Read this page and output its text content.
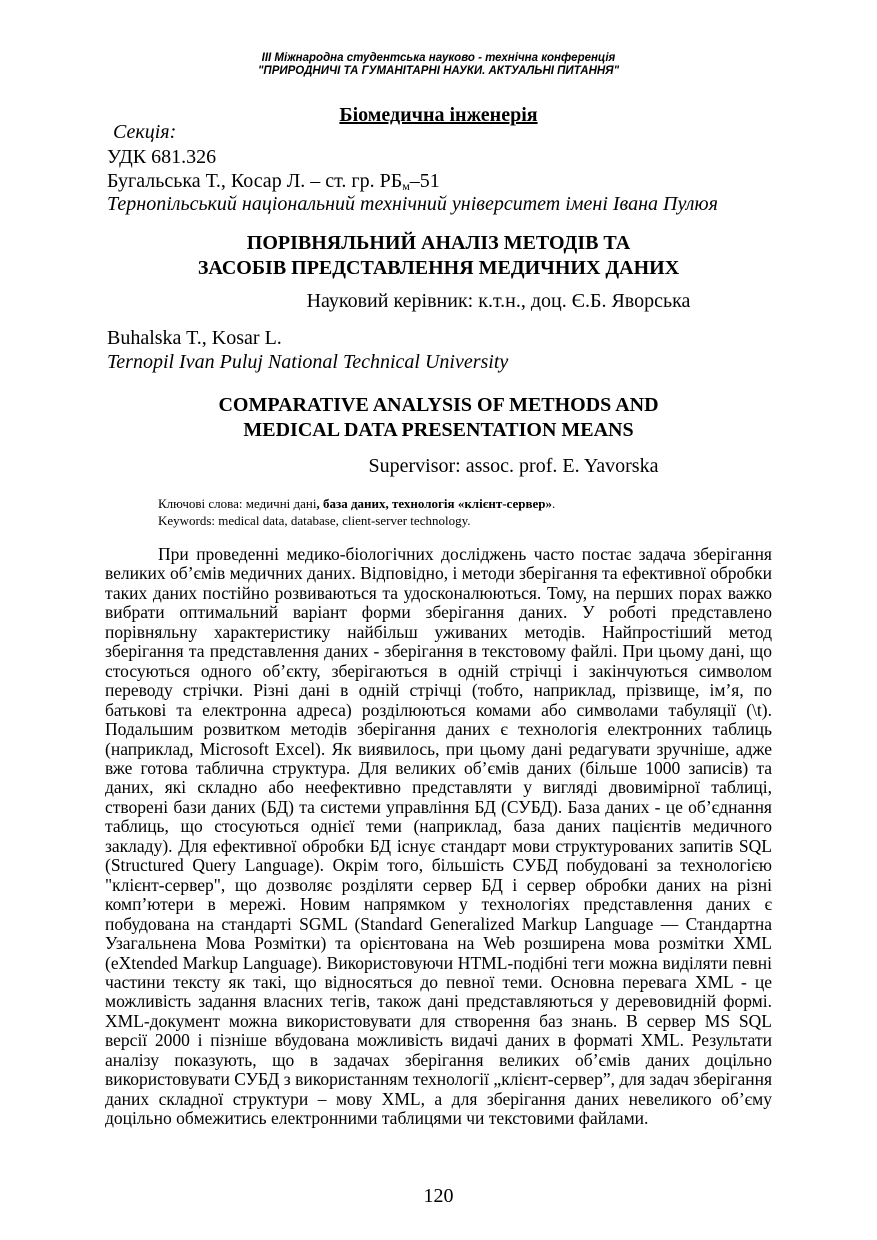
ІІІ Міжнародна студентська науково - технічна конференція
"ПРИРОДНИЧІ ТА ГУМАНІТАРНІ НАУКИ. АКТУАЛЬНІ ПИТАННЯ"
Біомедична інженерія
Секція:
УДК 681.326
Бугальська Т., Косар Л. – ст. гр. $РБ_м-51$
Тернопільський національний технічний університет імені Івана Пулюя
ПОРІВНЯЛЬНИЙ АНАЛІЗ МЕТОДІВ ТА
ЗАСОБІВ ПРЕДСТАВЛЕННЯ МЕДИЧНИХ ДАНИХ
Науковий керівник: к.т.н., доц. Є.Б. Яворська
Buhalska T., Kosar L.
Ternopil Ivan Puluj National Technical University
COMPARATIVE ANALYSIS OF METHODS AND
MEDICAL DATA PRESENTATION MEANS
Supervisor: assoc. prof. E. Yavorska
Ключові слова: медичні дані, база даних, технологія «клієнт-сервер».
Keywords: medical data, database, client-server technology.

При проведенні медико-біологічних досліджень часто постає задача зберігання великих об’ємів медичних даних. Відповідно, і методи зберігання та ефективної обробки таких даних постійно розвиваються та удосконалюються. Тому, на перших порах важко вибрати оптимальний варіант форми зберігання даних. У роботі представлено порівняльну характеристику найбільш уживаних методів. Найпростіший метод зберігання та представлення даних - зберігання в текстовому файлі. При цьому дані, що стосуються одного об’єкту, зберігаються в одній стрічці і закінчуються символом переводу стрічки. Різні дані в одній стрічці (тобто, наприклад, прізвище, ім’я, по батькові та електронна адреса) розділюються комами або символами табуляції (\t). Подальшим розвитком методів зберігання даних є технологія електронних таблиць (наприклад, Microsoft Excel). Як виявилось, при цьому дані редагувати зручніше, адже вже готова таблична структура. Для великих об’ємів даних (більше 1000 записів) та даних, які складно або неефективно представляти у вигляді двовимірної таблиці, створені бази даних (БД) та системи управління БД (СУБД). База даних - це об’єднання таблиць, що стосуються однієї теми (наприклад, база даних пацієнтів медичного закладу). Для ефективної обробки БД існує стандарт мови структурованих запитів SQL (Structured Query Language). Окрім того, більшість СУБД побудовані за технологією "клієнт-сервер", що дозволяє розділяти сервер БД і сервер обробки даних на різні комп’ютери в мережі. Новим напрямком у технологіях представлення даних є побудована на стандарті SGML (Standard Generalized Markup Language — Стандартна Узагальнена Мова Розмітки) та орієнтована на Web розширена мова розмітки XML (eXtended Markup Language). Використовуючи HTML-подібні теги можна виділяти певні частини тексту як такі, що відносяться до певної теми. Основна перевага XML - це можливість задання власних тегів, також дані представляються у деревовидній формі. XML-документ можна використовувати для створення баз знань. В сервер MS SQL версії 2000 і пізніше вбудована можливість видачі даних в форматі XML. Результати аналізу показують, що в задачах зберігання великих об’ємів даних доцільно використовувати СУБД з використанням технології „клієнт-сервер”, для задач зберігання даних складної структури – мову XML, а для зберігання даних невеликого об’єму доцільно обмежитись електронними таблицями чи текстовими файлами.

120
